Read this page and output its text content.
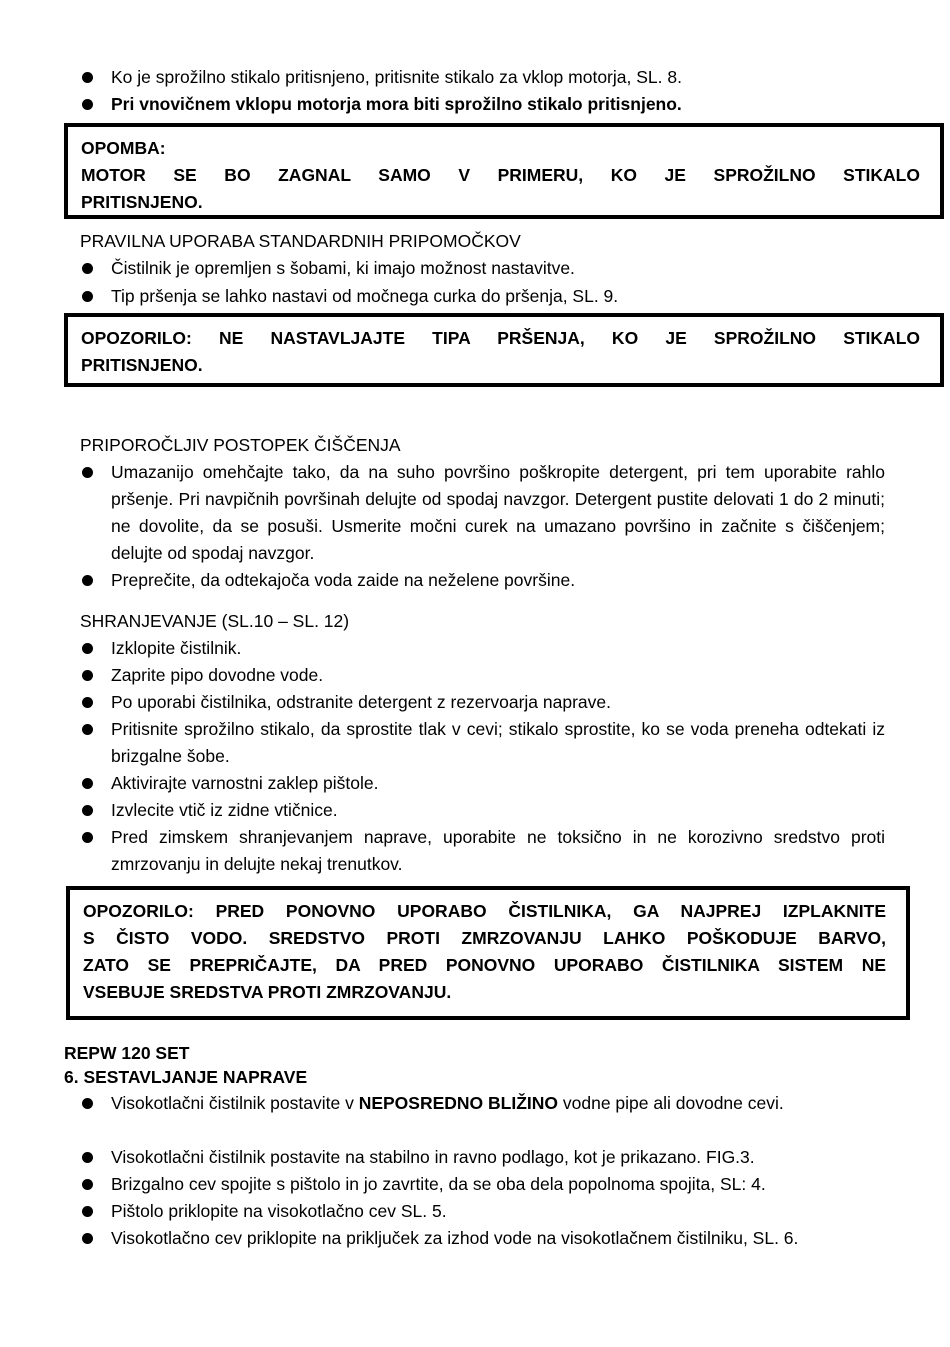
Ko je sprožilno stikalo pritisnjeno, pritisnite stikalo za vklop motorja, SL. 8.
Pri vnovičnem vklopu motorja mora biti sprožilno stikalo pritisnjeno.
OPOMBA:
MOTOR SE BO ZAGNAL SAMO V PRIMERU, KO JE SPROŽILNO STIKALO
PRITISNJENO.
PRAVILNA UPORABA STANDARDNIH PRIPOMOČKOV
Čistilnik je opremljen s šobami, ki imajo možnost nastavitve.
Tip pršenja se lahko nastavi od močnega curka do pršenja, SL. 9.
OPOZORILO: NE NASTAVLJAJTE TIPA PRŠENJA, KO JE SPROŽILNO STIKALO
PRITISNJENO.
PRIPOROČLJIV POSTOPEK ČIŠČENJA
Umazanijo omehčajte tako, da na suho površino poškropite detergent, pri tem uporabite rahlo pršenje. Pri navpičnih površinah delujte od spodaj navzgor. Detergent pustite delovati 1 do 2 minuti; ne dovolite, da se posuši. Usmerite močni curek na umazano površino in začnite s čiščenjem; delujte od spodaj navzgor.
Preprečite, da odtekajoča voda zaide na neželene površine.
SHRANJEVANJE (SL.10 – SL. 12)
Izklopite čistilnik.
Zaprite pipo dovodne vode.
Po uporabi čistilnika, odstranite detergent z rezervoarja naprave.
Pritisnite sprožilno stikalo, da sprostite tlak v cevi; stikalo sprostite, ko se voda preneha odtekati iz brizgalne šobe.
Aktivirajte varnostni zaklep pištole.
Izvlecite vtič iz zidne vtičnice.
Pred zimskem shranjevanjem naprave, uporabite ne toksično in ne korozivno sredstvo proti zmrzovanju in delujte nekaj trenutkov.
OPOZORILO: PRED PONOVNO UPORABO ČISTILNIKA, GA NAJPREJ IZPLAKNITE
S ČISTO VODO. SREDSTVO PROTI ZMRZOVANJU LAHKO POŠKODUJE BARVO,
ZATO SE PREPRIČAJTE, DA PRED PONOVNO UPORABO ČISTILNIKA SISTEM NE
VSEBUJE SREDSTVA PROTI ZMRZOVANJU.
REPW 120 SET
6. SESTAVLJANJE NAPRAVE
Visokotlačni čistilnik postavite v NEPOSREDNO BLIŽINO vodne pipe ali dovodne cevi.
Visokotlačni čistilnik postavite na stabilno in ravno podlago, kot je prikazano. FIG.3.
Brizgalno cev spojite s pištolo in jo zavrtite, da se oba dela popolnoma spojita, SL: 4.
Pištolo priklopite na visokotlačno cev SL. 5.
Visokotlačno cev priklopite na priključek za izhod vode na visokotlačnem čistilniku, SL. 6.
